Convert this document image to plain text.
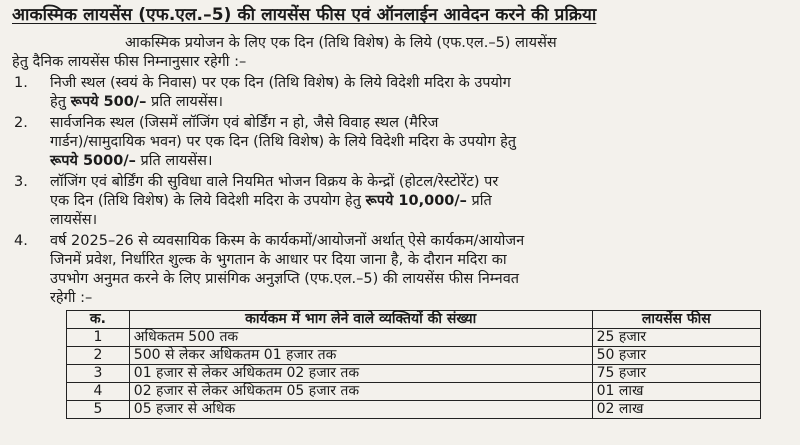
आकस्मिक लायसेंस (एफ.एल.–5) की लायसेंस फीस एवं ऑनलाईन आवेदन करने की प्रक्रिया
आकस्मिक प्रयोजन के लिए एक दिन (तिथि विशेष) के लिये (एफ.एल.–5) लायसेंस
हेतु दैनिक लायसेंस फीस निम्नानुसार रहेगी :–
1.	निजी स्थल (स्वयं के निवास) पर एक दिन (तिथि विशेष) के लिये विदेशी मदिरा के उपयोग
हेतु रूपये 500/– प्रति लायसेंस।
2.	सार्वजनिक स्थल (जिसमें लॉजिंग एवं बोर्डिंग न हो, जैसे विवाह स्थल (मैरिज
गार्डन)/सामुदायिक भवन) पर एक दिन (तिथि विशेष) के लिये विदेशी मदिरा के उपयोग हेतु
रूपये 5000/– प्रति लायसेंस।
3.	लॉजिंग एवं बोर्डिंग की सुविधा वाले नियमित भोजन विक्रय के केन्द्रों (होटल/रेस्टोरेंट) पर
एक दिन (तिथि विशेष) के लिये विदेशी मदिरा के उपयोग हेतु रूपये 10,000/– प्रति
लायसेंस।
4.	वर्ष 2025–26 से व्यवसायिक किस्म के कार्यकमों/आयोजनों अर्थात् ऐसे कार्यकम/आयोजन
जिनमें प्रवेश, निर्धारित शुल्क के भुगतान के आधार पर दिया जाना है, के दौरान मदिरा का
उपभोग अनुमत करने के लिए प्रासंगिक अनुज्ञप्ति (एफ.एल.–5) की लायसेंस फीस निम्नवत
रहेगी :–
क.	कार्यकम में भाग लेने वाले व्यक्तियों की संख्या	लायसेंस फीस
1	अधिकतम 500 तक	25 हजार
2	500 से लेकर अधिकतम 01 हजार तक	50 हजार
3	01 हजार से लेकर अधिकतम 02 हजार तक	75 हजार
4	02 हजार से लेकर अधिकतम 05 हजार तक	01 लाख
5	05 हजार से अधिक	02 लाख
